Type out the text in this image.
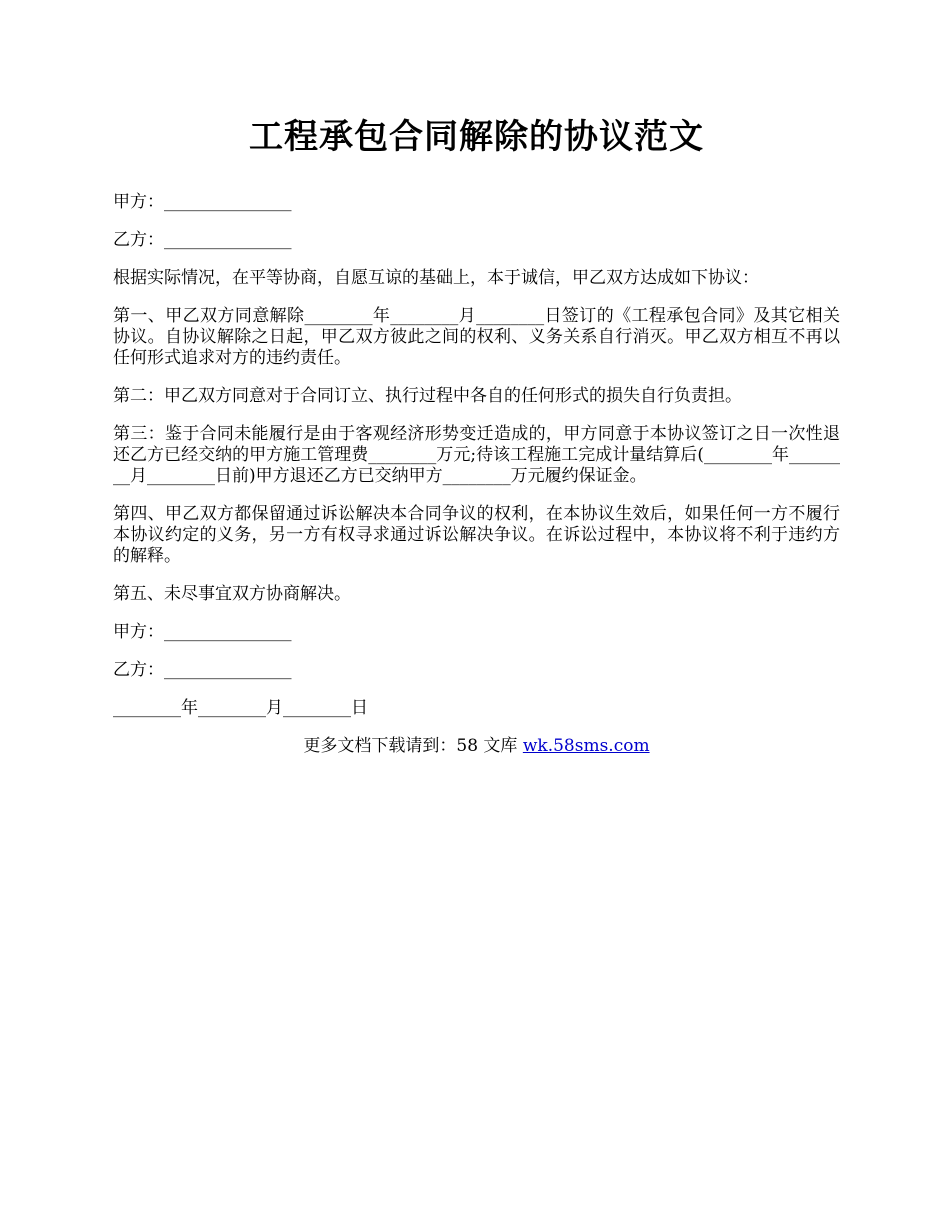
工程承包合同解除的协议范文

甲方：_______________

乙方：_______________

根据实际情况，在平等协商，自愿互谅的基础上，本于诚信，甲乙双方达成如下协议：

第一、甲乙双方同意解除________年________月________日签订的《工程承包合同》及其它相关协议。自协议解除之日起，甲乙双方彼此之间的权利、义务关系自行消灭。甲乙双方相互不再以任何形式追求对方的违约责任。

第二：甲乙双方同意对于合同订立、执行过程中各自的任何形式的损失自行负责担。

第三：鉴于合同未能履行是由于客观经济形势变迁造成的，甲方同意于本协议签订之日一次性退还乙方已经交纳的甲方施工管理费________万元;待该工程施工完成计量结算后(________年________月________日前)甲方退还乙方已交纳甲方________万元履约保证金。

第四、甲乙双方都保留通过诉讼解决本合同争议的权利，在本协议生效后，如果任何一方不履行本协议约定的义务，另一方有权寻求通过诉讼解决争议。在诉讼过程中，本协议将不利于违约方的解释。

第五、未尽事宜双方协商解决。

甲方：_______________

乙方：_______________

________年________月________日

更多文档下载请到：58 文库 wk.58sms.com
